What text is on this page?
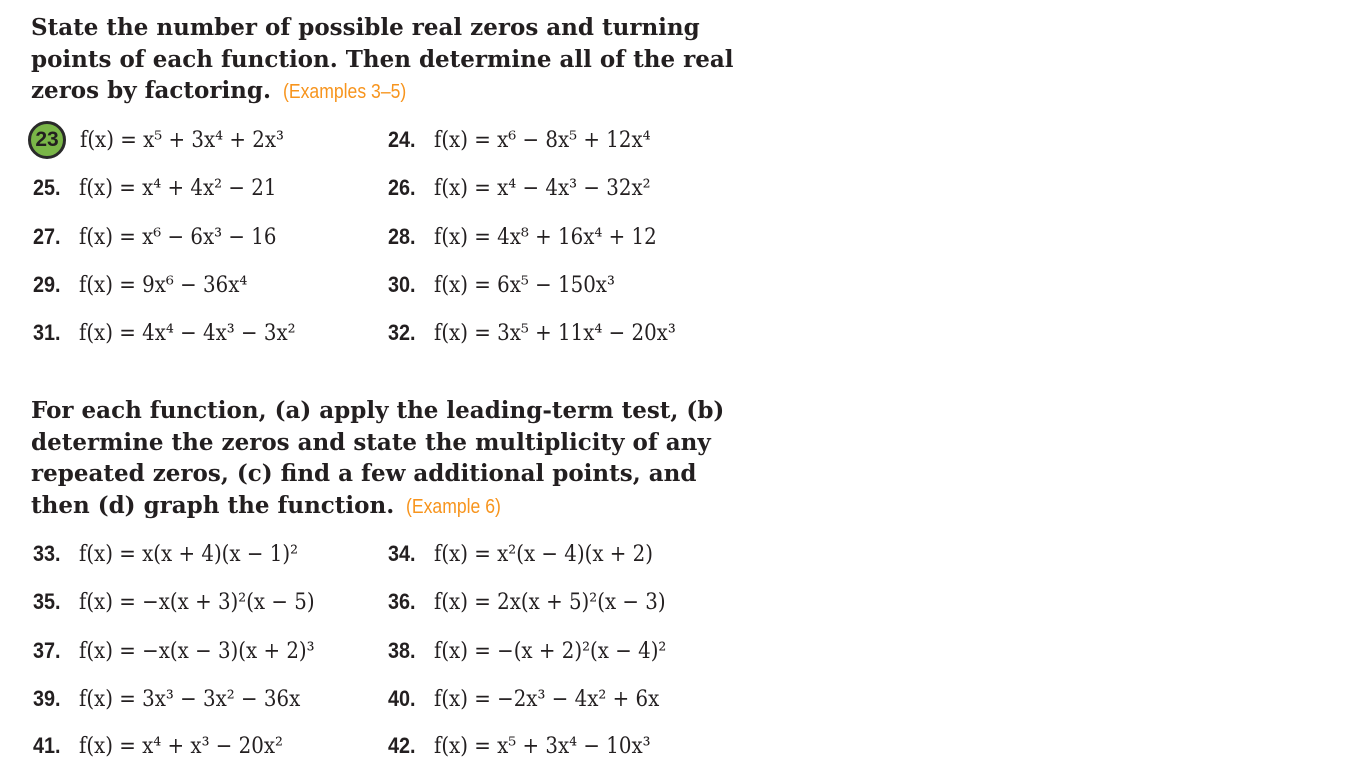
State the number of possible real zeros and turning points of each function. Then determine all of the real zeros by factoring. (Examples 3–5)

23 f(x) = x⁵ + 3x⁴ + 2x³	24. f(x) = x⁶ − 8x⁵ + 12x⁴
25. f(x) = x⁴ + 4x² − 21	26. f(x) = x⁴ − 4x³ − 32x²
27. f(x) = x⁶ − 6x³ − 16	28. f(x) = 4x⁸ + 16x⁴ + 12
29. f(x) = 9x⁶ − 36x⁴	30. f(x) = 6x⁵ − 150x³
31. f(x) = 4x⁴ − 4x³ − 3x²	32. f(x) = 3x⁵ + 11x⁴ − 20x³

For each function, (a) apply the leading-term test, (b) determine the zeros and state the multiplicity of any repeated zeros, (c) find a few additional points, and then (d) graph the function. (Example 6)

33. f(x) = x(x + 4)(x − 1)²	34. f(x) = x²(x − 4)(x + 2)
35. f(x) = −x(x + 3)²(x − 5)	36. f(x) = 2x(x + 5)²(x − 3)
37. f(x) = −x(x − 3)(x + 2)³	38. f(x) = −(x + 2)²(x − 4)²
39. f(x) = 3x³ − 3x² − 36x	40. f(x) = −2x³ − 4x² + 6x
41. f(x) = x⁴ + x³ − 20x²	42. f(x) = x⁵ + 3x⁴ − 10x³
